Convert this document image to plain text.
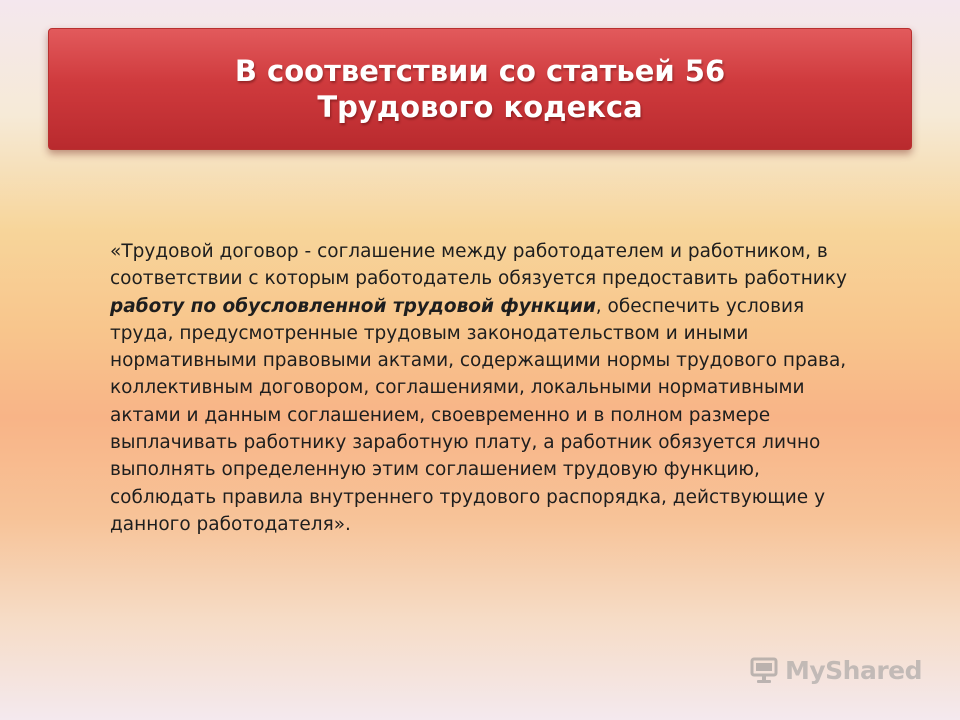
В соответствии со статьей 56
Трудового кодекса
«Трудовой договор - соглашение между работодателем и работником, в соответствии с которым работодатель обязуется предоставить работнику работу по обусловленной трудовой функции, обеспечить условия труда, предусмотренные трудовым законодательством и иными нормативными правовыми актами, содержащими нормы трудового права, коллективным договором, соглашениями, локальными нормативными актами и данным соглашением, своевременно и в полном размере выплачивать работнику заработную плату, а работник обязуется лично выполнять определенную этим соглашением трудовую функцию, соблюдать правила внутреннего трудового распорядка, действующие у данного работодателя».
MyShared
